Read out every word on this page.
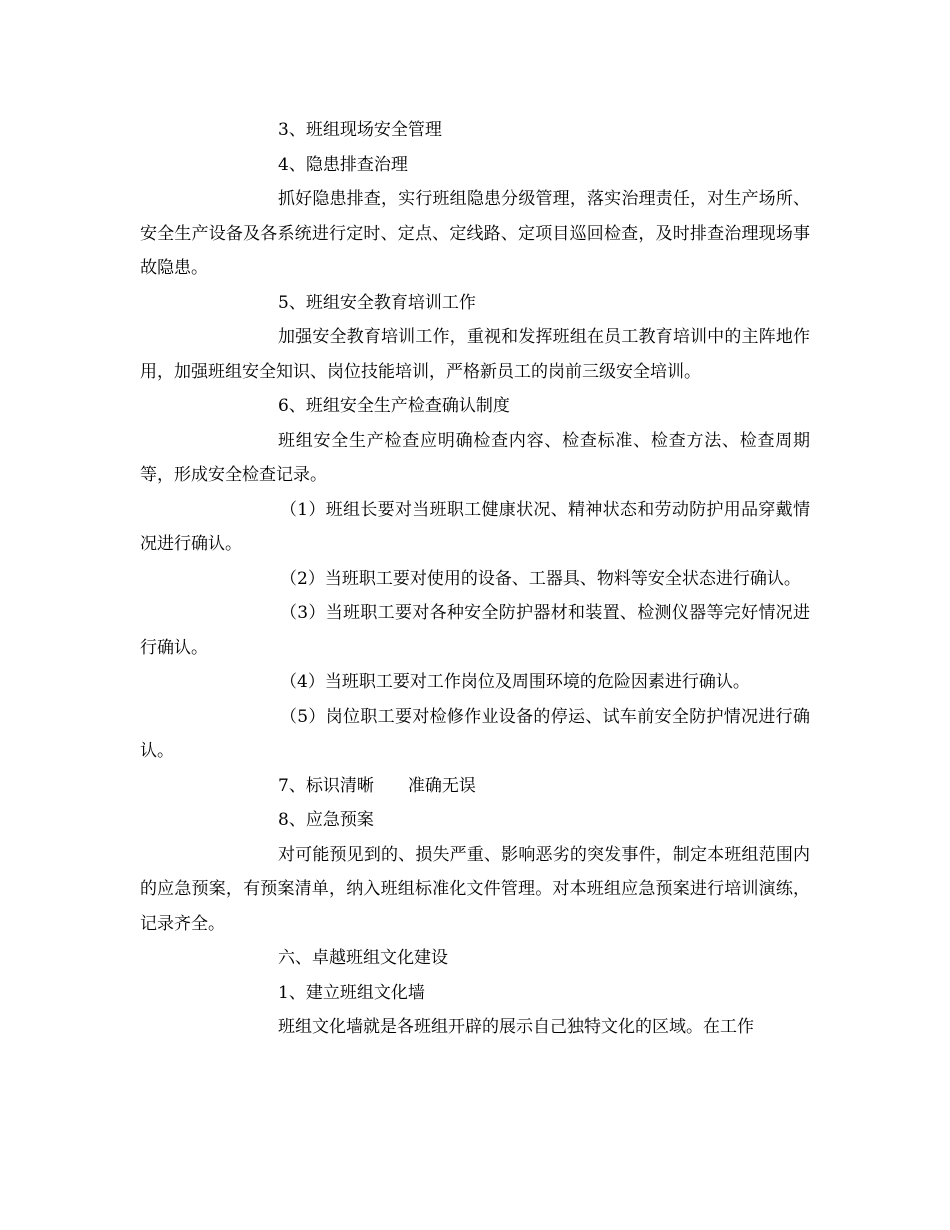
3、班组现场安全管理

4、隐患排查治理

抓好隐患排查，实行班组隐患分级管理，落实治理责任，对生产场所、安全生产设备及各系统进行定时、定点、定线路、定项目巡回检查，及时排查治理现场事故隐患。

5、班组安全教育培训工作

加强安全教育培训工作，重视和发挥班组在员工教育培训中的主阵地作用，加强班组安全知识、岗位技能培训，严格新员工的岗前三级安全培训。

6、班组安全生产检查确认制度

班组安全生产检查应明确检查内容、检查标准、检查方法、检查周期等，形成安全检查记录。

（1）班组长要对当班职工健康状况、精神状态和劳动防护用品穿戴情况进行确认。

（2）当班职工要对使用的设备、工器具、物料等安全状态进行确认。

（3）当班职工要对各种安全防护器材和装置、检测仪器等完好情况进行确认。

（4）当班职工要对工作岗位及周围环境的危险因素进行确认。

（5）岗位职工要对检修作业设备的停运、试车前安全防护情况进行确认。

7、标识清晰　　准确无误

8、应急预案

对可能预见到的、损失严重、影响恶劣的突发事件，制定本班组范围内的应急预案，有预案清单，纳入班组标准化文件管理。对本班组应急预案进行培训演练，记录齐全。

六、卓越班组文化建设

1、建立班组文化墙

班组文化墙就是各班组开辟的展示自己独特文化的区域。在工作
